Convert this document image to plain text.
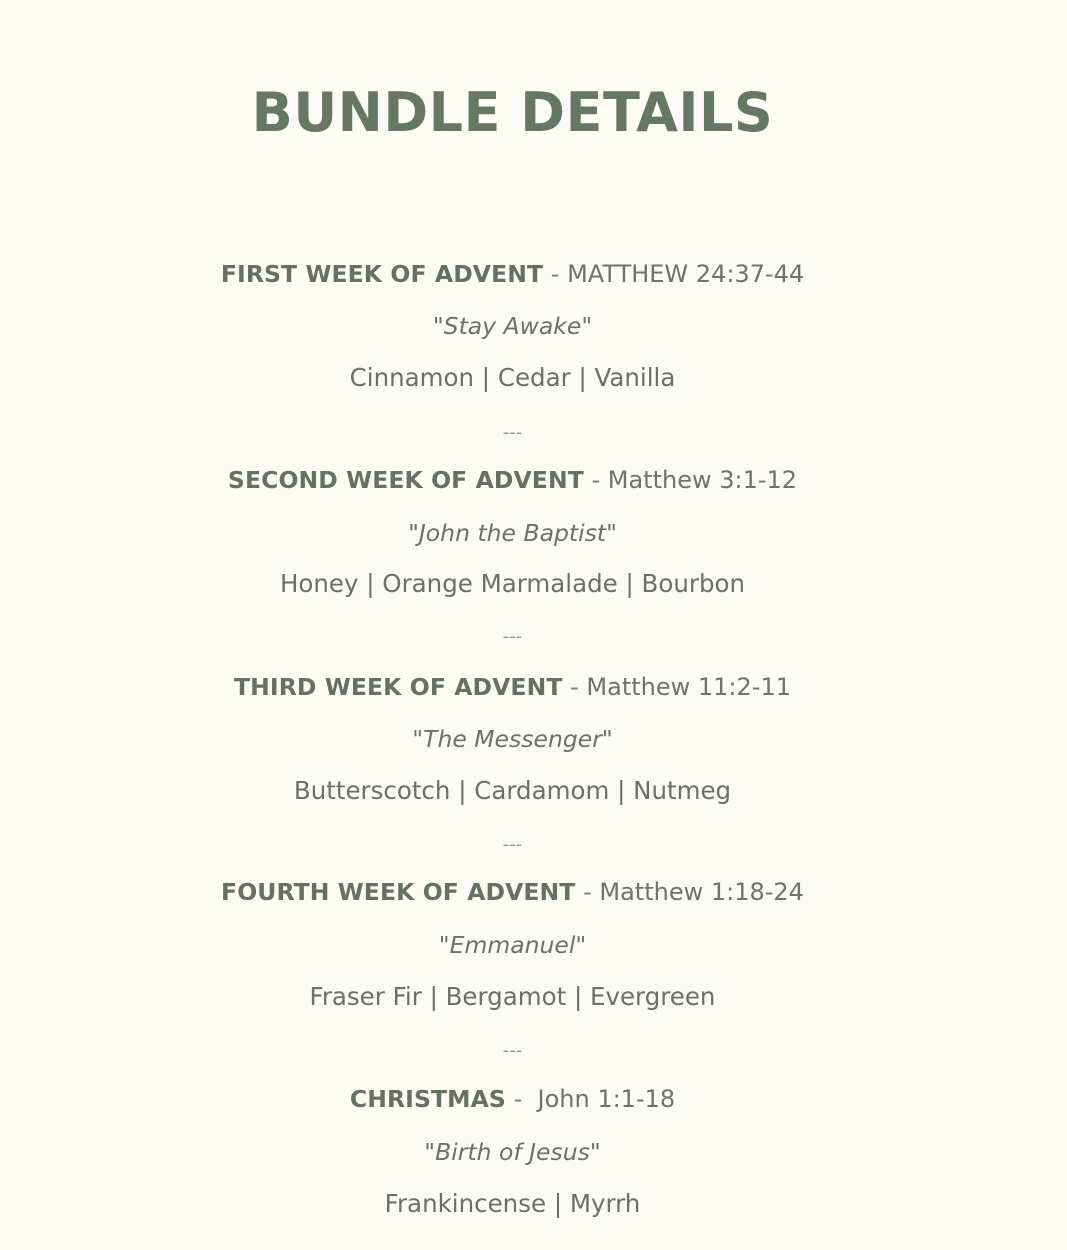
BUNDLE DETAILS
FIRST WEEK OF ADVENT - MATTHEW 24:37-44
"Stay Awake"
Cinnamon | Cedar | Vanilla
---
SECOND WEEK OF ADVENT - Matthew 3:1-12
"John the Baptist"
Honey | Orange Marmalade | Bourbon
---
THIRD WEEK OF ADVENT - Matthew 11:2-11
"The Messenger"
Butterscotch | Cardamom | Nutmeg
---
FOURTH WEEK OF ADVENT - Matthew 1:18-24
"Emmanuel"
Fraser Fir | Bergamot | Evergreen
---
CHRISTMAS -  John 1:1-18
"Birth of Jesus"
Frankincense | Myrrh
